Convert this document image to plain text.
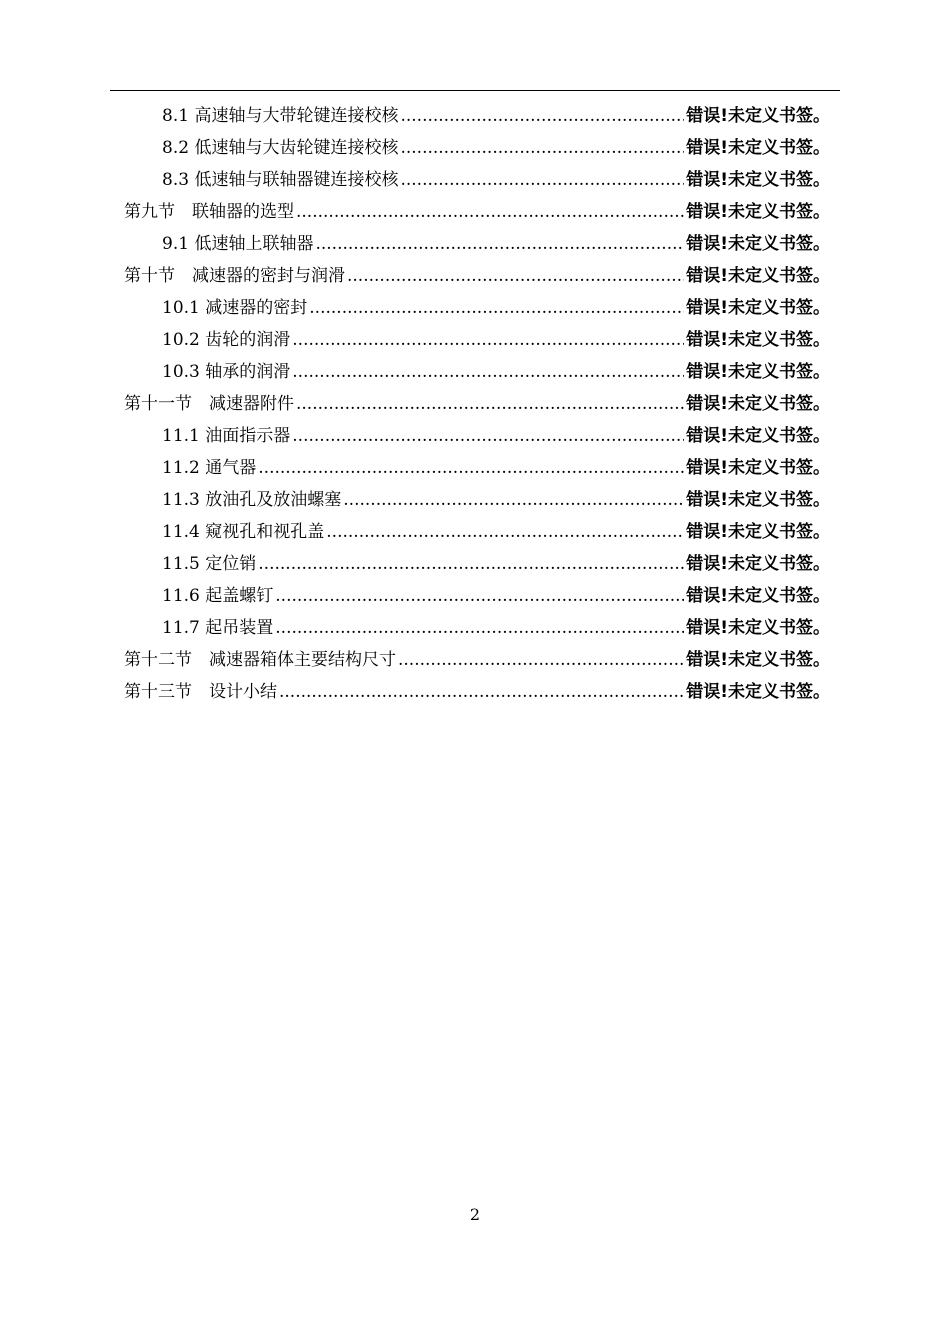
8.1 高速轴与大带轮键连接校核 .....	错误!未定义书签。
8.2 低速轴与大齿轮键连接校核 .....	错误!未定义书签。
8.3 低速轴与联轴器键连接校核 .....	错误!未定义书签。
第九节　联轴器的选型 .....	错误!未定义书签。
9.1 低速轴上联轴器 .....	错误!未定义书签。
第十节　减速器的密封与润滑 .....	错误!未定义书签。
10.1 减速器的密封 .....	错误!未定义书签。
10.2 齿轮的润滑 .....	错误!未定义书签。
10.3 轴承的润滑 .....	错误!未定义书签。
第十一节　减速器附件 .....	错误!未定义书签。
11.1 油面指示器 .....	错误!未定义书签。
11.2 通气器 .....	错误!未定义书签。
11.3 放油孔及放油螺塞 .....	错误!未定义书签。
11.4 窥视孔和视孔盖 .....	错误!未定义书签。
11.5 定位销 .....	错误!未定义书签。
11.6 起盖螺钉 .....	错误!未定义书签。
11.7 起吊装置 .....	错误!未定义书签。
第十二节　减速器箱体主要结构尺寸 .....	错误!未定义书签。
第十三节　设计小结 .....	错误!未定义书签。
2
